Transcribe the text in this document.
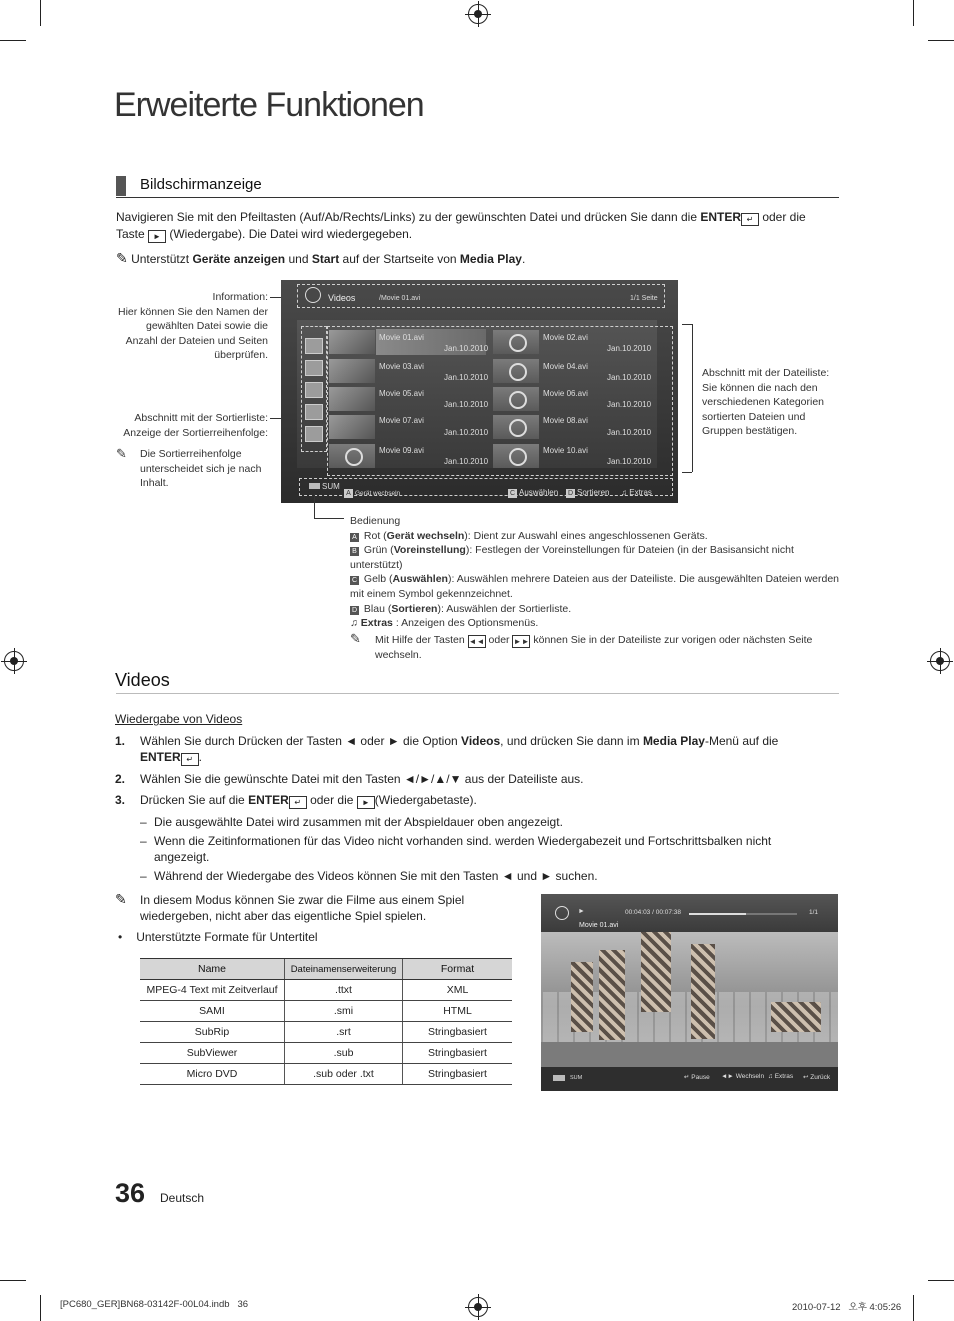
Erweiterte Funktionen
Bildschirmanzeige
Navigieren Sie mit den Pfeiltasten (Auf/Ab/Rechts/Links) zu der gewünschten Datei und drücken Sie dann die ENTER ↵ oder die
Taste ► (Wiedergabe). Die Datei wird wiedergegeben.
✎ Unterstützt Geräte anzeigen und Start auf der Startseite von Media Play.
Information:
Hier können Sie den Namen der gewählten Datei sowie die Anzahl der Dateien und Seiten überprüfen.
Abschnitt mit der Sortierliste:
Anzeige der Sortierreihenfolge:
✎	Die Sortierreihenfolge unterscheidet sich je nach Inhalt.
Abschnitt mit der Dateiliste:
Sie können die nach den verschiedenen Kategorien sortierten Dateien und Gruppen bestätigen.
Videos	/Movie 01.avi	1/1 Seite
Movie 01.avi
Jan.10.2010
Movie 02.avi
Jan.10.2010
Movie 03.avi
Jan.10.2010
Movie 04.avi
Jan.10.2010
Movie 05.avi
Jan.10.2010
Movie 06.avi
Jan.10.2010
Movie 07.avi
Jan.10.2010
Movie 08.avi
Jan.10.2010
Movie 09.avi
Jan.10.2010
Movie 10.avi
Jan.10.2010
SUM
A Gerät wechseln	C Auswählen D Sortieren ♫ Extras
Bedienung
A Rot (Gerät wechseln): Dient zur Auswahl eines angeschlossenen Geräts.
B Grün (Voreinstellung): Festlegen der Voreinstellungen für Dateien (in der Basisansicht nicht
unterstützt)
C Gelb (Auswählen): Auswählen mehrere Dateien aus der Dateiliste. Die ausgewählten Dateien werden
mit einem Symbol gekennzeichnet.
D Blau (Sortieren): Auswählen der Sortierliste.
♫ Extras : Anzeigen des Optionsmenüs.
✎ Mit Hilfe der Tasten ◄◄ oder ►► können Sie in der Dateiliste zur vorigen oder nächsten Seite
wechseln.
Videos
Wiedergabe von Videos
1.	Wählen Sie durch Drücken der Tasten ◄ oder ► die Option Videos, und drücken Sie dann im Media Play-Menü auf die
ENTER ↵ .
2.	Wählen Sie die gewünschte Datei mit den Tasten ◄/►/▲/▼ aus der Dateiliste aus.
3.	Drücken Sie auf die ENTER ↵ oder die ► (Wiedergabetaste).
– Die ausgewählte Datei wird zusammen mit der Abspieldauer oben angezeigt.
– Wenn die Zeitinformationen für das Video nicht vorhanden sind. werden Wiedergabezeit und Fortschrittsbalken nicht
angezeigt.
– Während der Wiedergabe des Videos können Sie mit den Tasten ◄ und ► suchen.
✎	In diesem Modus können Sie zwar die Filme aus einem Spiel
wiedergeben, nicht aber das eigentliche Spiel spielen.
• Unterstützte Formate für Untertitel
Name	Dateinamenserweiterung	Format
MPEG-4 Text mit Zeitverlauf	.ttxt	XML
SAMI	.smi	HTML
SubRip	.srt	Stringbasiert
SubViewer	.sub	Stringbasiert
Micro DVD	.sub oder .txt	Stringbasiert
►	00:04:03 / 00:07:38	1/1
Movie 01.avi
SUM	↵ Pause ◄► Wechseln ♫ Extras ↩ Zurück
36 Deutsch
[PC680_GER]BN68-03142F-00L04.indb   36	2010-07-12   오후 4:05:26
